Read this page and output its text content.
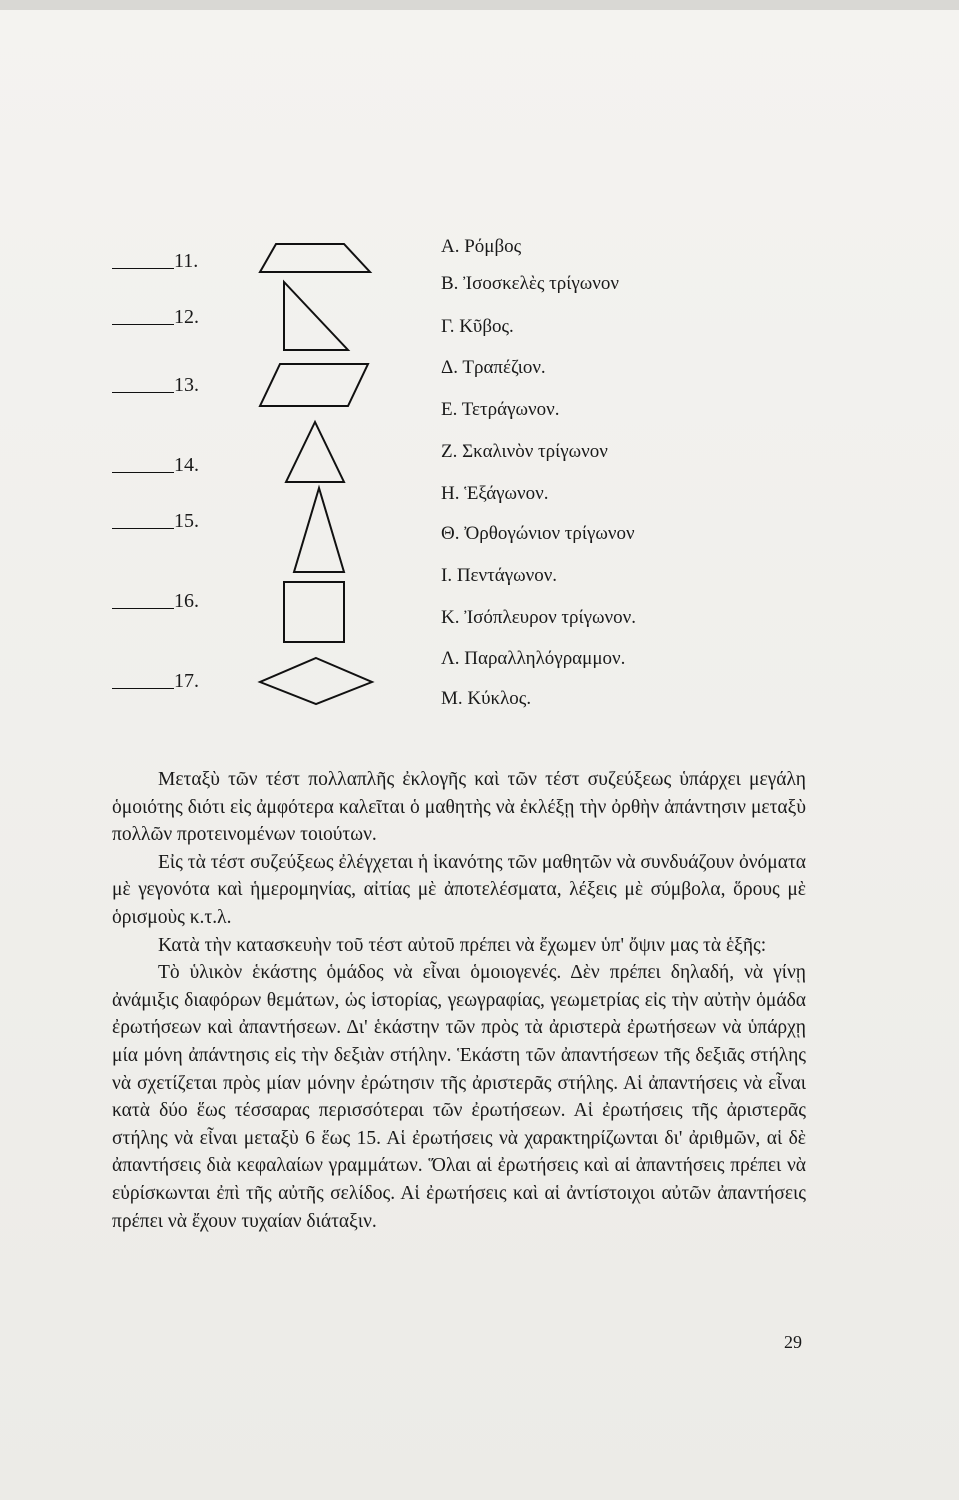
11.
12.
13.
14.
15.
16.
17.
Α. Ρόμβος
Β. Ἰσοσκελὲς τρίγωνον
Γ. Κῦβος.
Δ. Τραπέζιον.
Ε. Τετράγωνον.
Ζ. Σκαλινὸν τρίγωνον
Η. Ἑξάγωνον.
Θ. Ὀρθογώνιον τρίγωνον
Ι. Πεντάγωνον.
Κ. Ἰσόπλευρον τρίγωνον.
Λ. Παραλληλόγραμμον.
Μ. Κύκλος.

Μεταξὺ τῶν τέστ πολλαπλῆς ἐκλογῆς καὶ τῶν τέστ συζεύξεως ὑπάρχει μεγάλη ὁμοιότης διότι εἰς ἀμφότερα καλεῖται ὁ μαθητὴς νὰ ἐκλέξῃ τὴν ὀρθὴν ἀπάντησιν μεταξὺ πολλῶν προτεινομένων τοιούτων.

Εἰς τὰ τέστ συζεύξεως ἐλέγχεται ἡ ἱκανότης τῶν μαθητῶν νὰ συνδυάζουν ὀνόματα μὲ γεγονότα καὶ ἡμερομηνίας, αἰτίας μὲ ἀποτελέσματα, λέξεις μὲ σύμβολα, ὅρους μὲ ὁρισμοὺς κ.τ.λ.

Κατὰ τὴν κατασκευὴν τοῦ τέστ αὐτοῦ πρέπει νὰ ἔχωμεν ὑπ' ὄψιν μας τὰ ἑξῆς:

Τὸ ὑλικὸν ἑκάστης ὁμάδος νὰ εἶναι ὁμοιογενές. Δὲν πρέπει δηλαδή, νὰ γίνῃ ἀνάμιξις διαφόρων θεμάτων, ὡς ἱστορίας, γεωγραφίας, γεωμετρίας εἰς τὴν αὐτὴν ὁμάδα ἐρωτήσεων καὶ ἀπαντήσεων. Δι' ἑκάστην τῶν πρὸς τὰ ἀριστερὰ ἐρωτήσεων νὰ ὑπάρχῃ μία μόνη ἀπάντησις εἰς τὴν δεξιὰν στήλην. Ἑκάστη τῶν ἀπαντήσεων τῆς δεξιᾶς στήλης νὰ σχετίζεται πρὸς μίαν μόνην ἐρώτησιν τῆς ἀριστερᾶς στήλης. Αἱ ἀπαντήσεις νὰ εἶναι κατὰ δύο ἕως τέσσαρας περισσότεραι τῶν ἐρωτήσεων. Αἱ ἐρωτήσεις τῆς ἀριστερᾶς στήλης νὰ εἶναι μεταξὺ 6 ἕως 15. Αἱ ἐρωτήσεις νὰ χαρακτηρίζωνται δι' ἀριθμῶν, αἱ δὲ ἀπαντήσεις διὰ κεφαλαίων γραμμάτων. Ὅλαι αἱ ἐρωτήσεις καὶ αἱ ἀπαντήσεις πρέπει νὰ εὑρίσκωνται ἐπὶ τῆς αὐτῆς σελίδος. Αἱ ἐρωτήσεις καὶ αἱ ἀντίστοιχοι αὐτῶν ἀπαντήσεις πρέπει νὰ ἔχουν τυχαίαν διάταξιν.

29
